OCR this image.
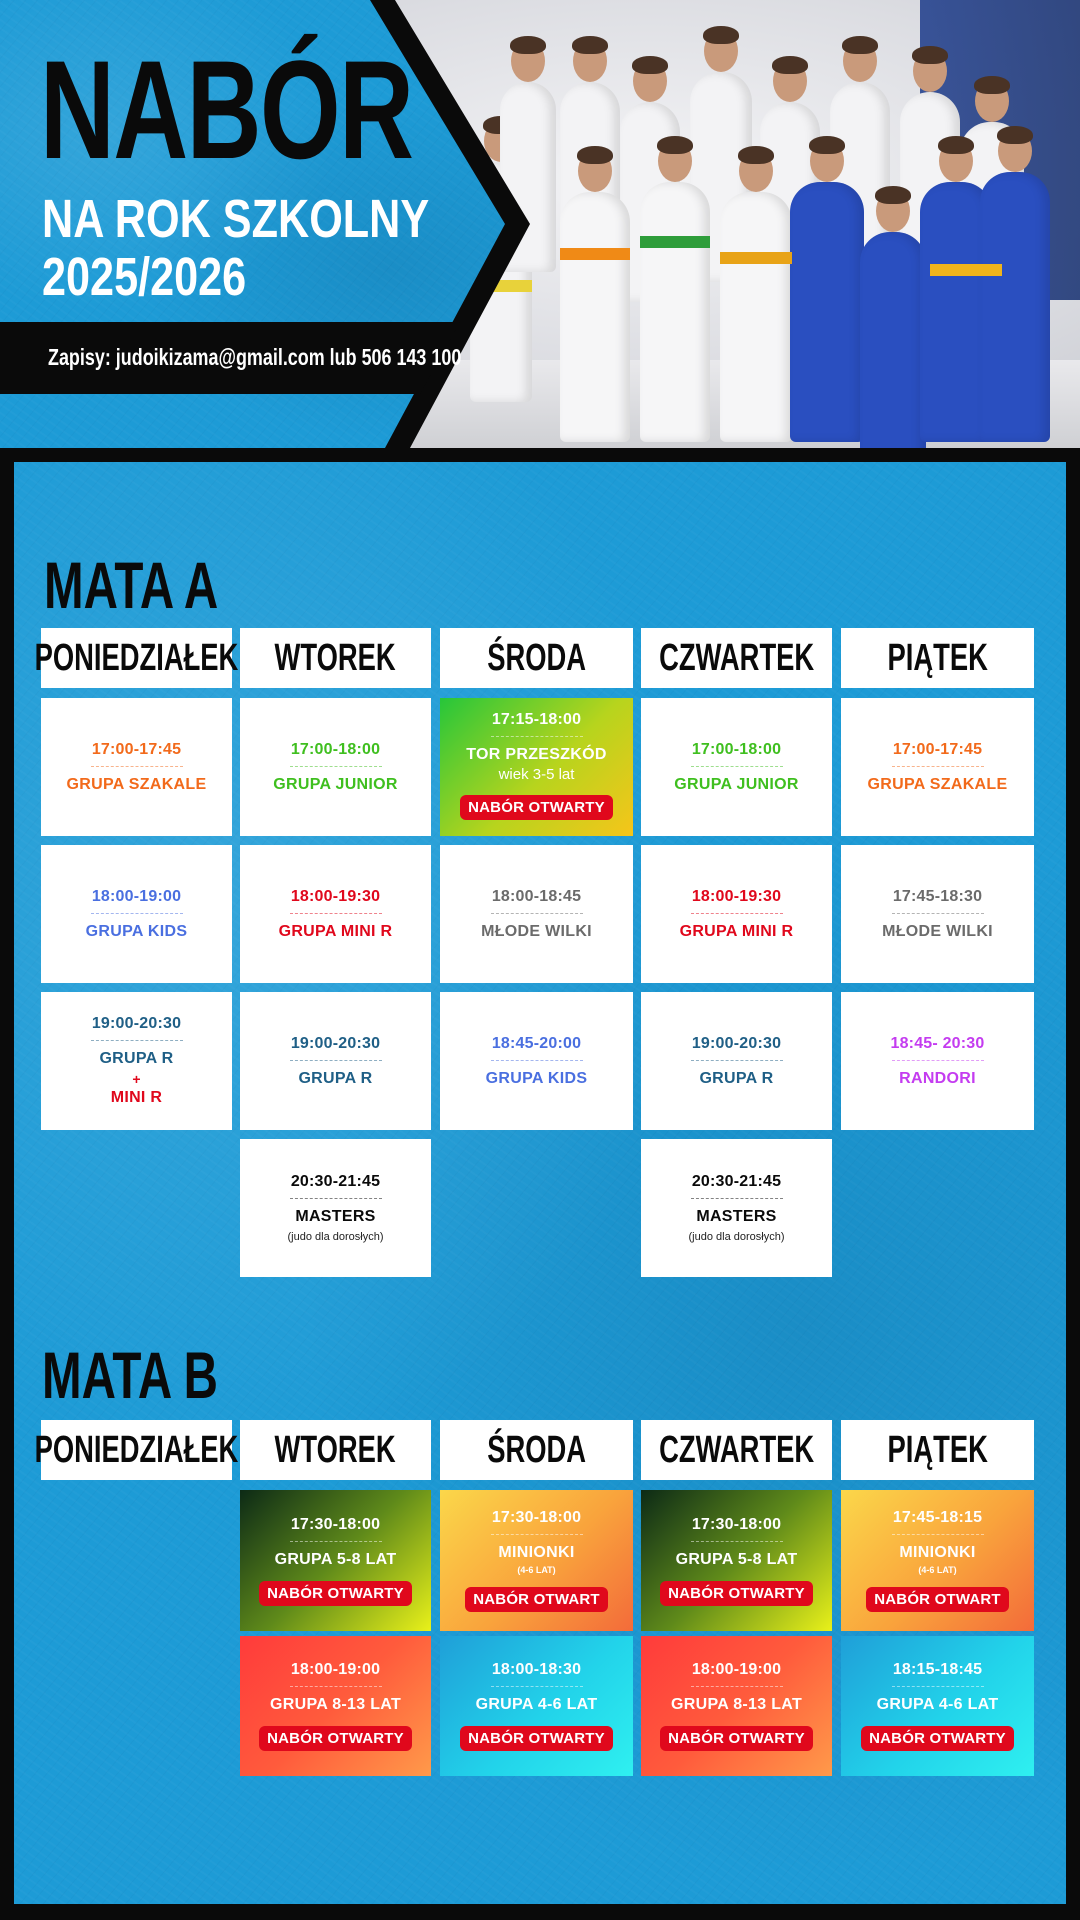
NABÓR
NA ROK SZKOLNY
2025/2026
Zapisy: judoikizama@gmail.com lub 506 143 100
MATA A
PONIEDZIAŁEK WTOREK ŚRODA CZWARTEK PIĄTEK
17:00-17:45
GRUPA SZAKALE
17:00-18:00
GRUPA JUNIOR
17:15-18:00
TOR PRZESZKÓD
wiek 3-5 lat
NABÓR OTWARTY
17:00-18:00
GRUPA JUNIOR
17:00-17:45
GRUPA SZAKALE
18:00-19:00
GRUPA KIDS
18:00-19:30
GRUPA MINI R
18:00-18:45
MŁODE WILKI
18:00-19:30
GRUPA MINI R
17:45-18:30
MŁODE WILKI
19:00-20:30
GRUPA R
+
MINI R
19:00-20:30
GRUPA R
18:45-20:00
GRUPA KIDS
19:00-20:30
GRUPA R
18:45- 20:30
RANDORI
20:30-21:45
MASTERS
(judo dla dorosłych)
20:30-21:45
MASTERS
(judo dla dorosłych)
MATA B
PONIEDZIAŁEK WTOREK ŚRODA CZWARTEK PIĄTEK
17:30-18:00
GRUPA 5-8 LAT
NABÓR OTWARTY
17:30-18:00
MINIONKI
(4-6 LAT)
NABÓR OTWART
17:30-18:00
GRUPA 5-8 LAT
NABÓR OTWARTY
17:45-18:15
MINIONKI
(4-6 LAT)
NABÓR OTWART
18:00-19:00
GRUPA 8-13 LAT
NABÓR OTWARTY
18:00-18:30
GRUPA 4-6 LAT
NABÓR OTWARTY
18:00-19:00
GRUPA 8-13 LAT
NABÓR OTWARTY
18:15-18:45
GRUPA 4-6 LAT
NABÓR OTWARTY
